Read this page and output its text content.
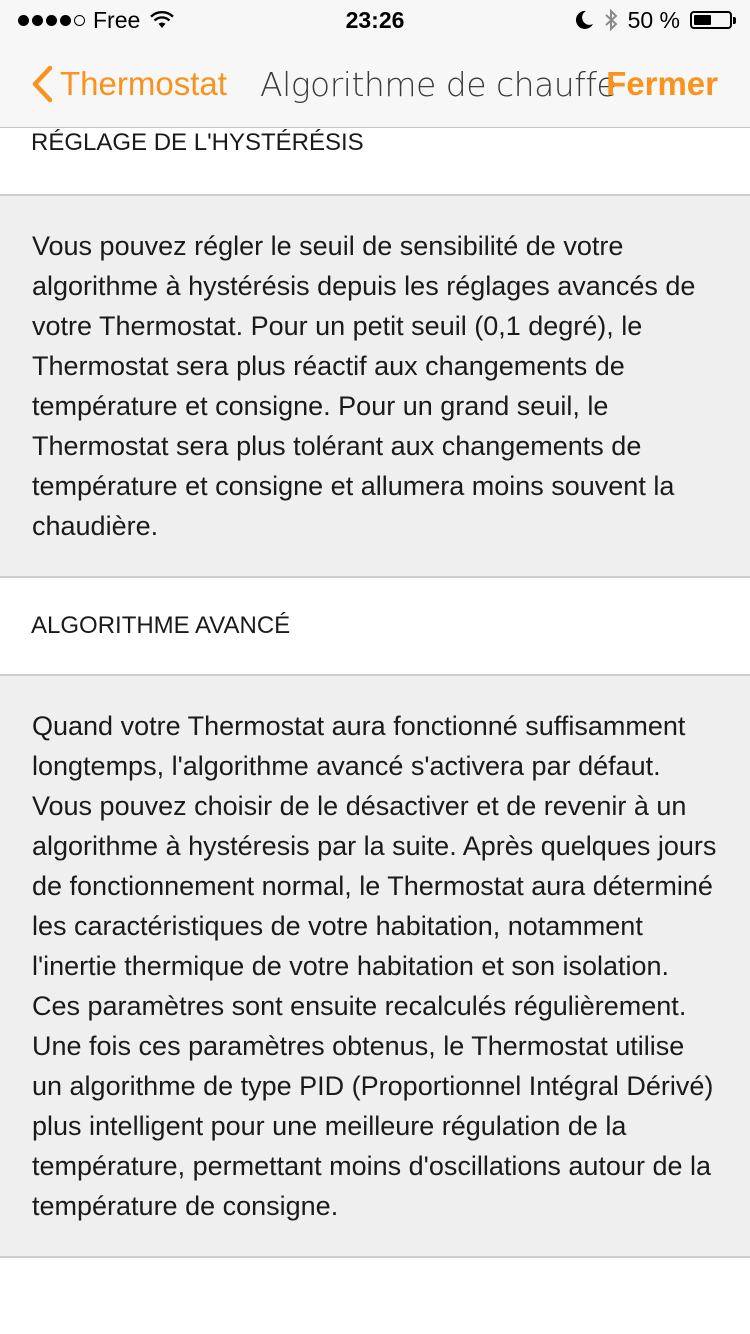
Free	23:26	50 %
Thermostat Algorithme de chauffe
Fermer
RÉGLAGE DE L'HYSTÉRÉSIS

Vous pouvez régler le seuil de sensibilité de votre algorithme à hystérésis depuis les réglages avancés de votre Thermostat. Pour un petit seuil (0,1 degré), le Thermostat sera plus réactif aux changements de température et consigne. Pour un grand seuil, le Thermostat sera plus tolérant aux changements de température et consigne et allumera moins souvent la chaudière.

ALGORITHME AVANCÉ

Quand votre Thermostat aura fonctionné suffisamment longtemps, l'algorithme avancé s'activera par défaut. Vous pouvez choisir de le désactiver et de revenir à un algorithme à hystéresis par la suite. Après quelques jours de fonctionnement normal, le Thermostat aura déterminé les caractéristiques de votre habitation, notamment l'inertie thermique de votre habitation et son isolation. Ces paramètres sont ensuite recalculés régulièrement.

Une fois ces paramètres obtenus, le Thermostat utilise un algorithme de type PID (Proportionnel Intégral Dérivé) plus intelligent pour une meilleure régulation de la température, permettant moins d'oscillations autour de la température de consigne.
